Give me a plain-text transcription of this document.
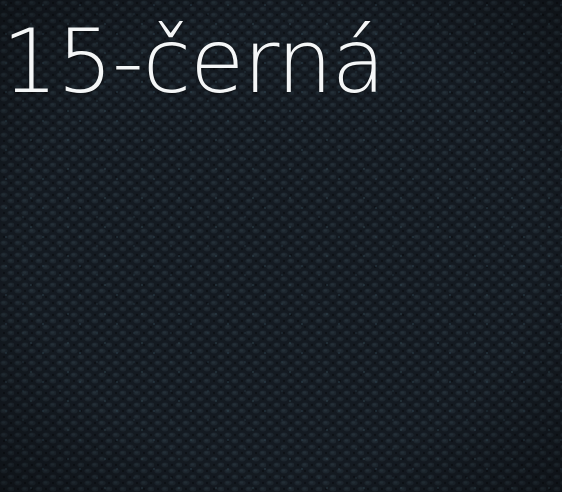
15-černá
